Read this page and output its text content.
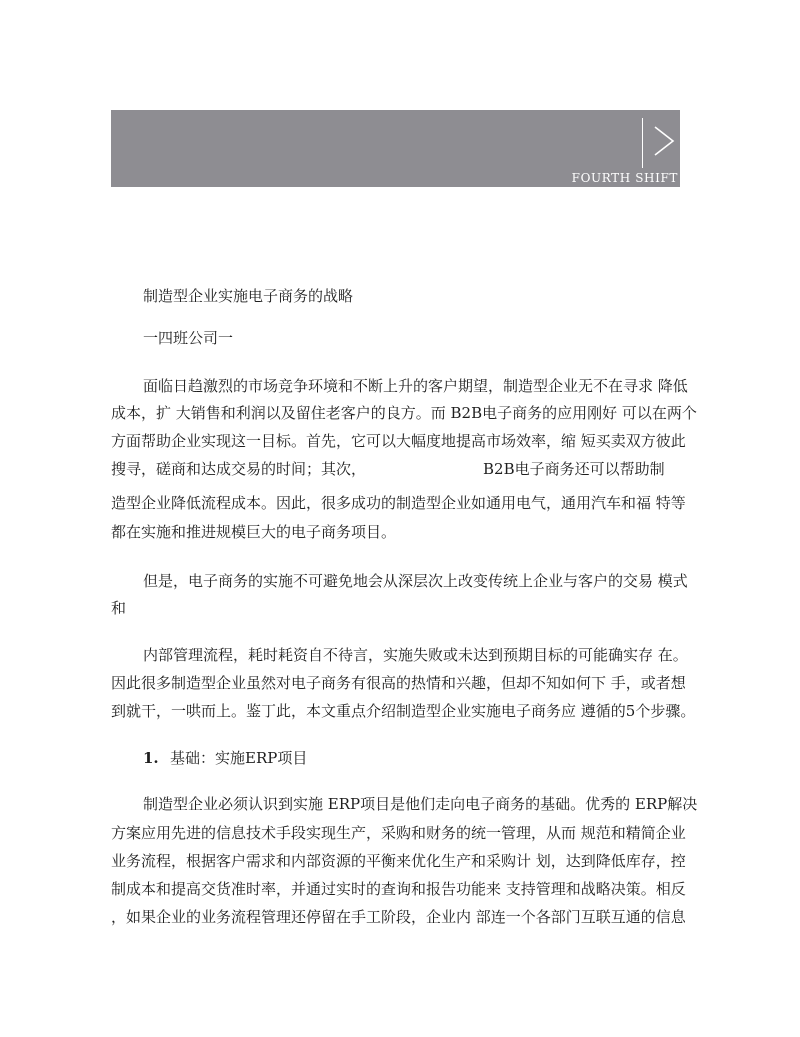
FOURTH SHIFT
制造型企业实施电子商务的战略
一四班公司一
面临日趋激烈的市场竞争环境和不断上升的客户期望，制造型企业无不在寻求 降低
成本，扩 大销售和利润以及留住老客户的良方。而 B2B电子商务的应用刚好 可以在两个
方面帮助企业实现这一目标。首先，它可以大幅度地提高市场效率，缩 短买卖双方彼此
搜寻，磋商和达成交易的时间；其次，	B2B电子商务还可以帮助制
造型企业降低流程成本。因此，很多成功的制造型企业如通用电气，通用汽车和福 特等
都在实施和推进规模巨大的电子商务项目。
但是，电子商务的实施不可避免地会从深层次上改变传统上企业与客户的交易 模式
和
内部管理流程，耗时耗资自不待言，实施失败或未达到预期目标的可能确实存 在。
因此很多制造型企业虽然对电子商务有很高的热情和兴趣，但却不知如何下 手，或者想
到就干，一哄而上。鉴丁此，本文重点介绍制造型企业实施电子商务应 遵循的5个步骤。
1. 基础：实施ERP项目
制造型企业必须认识到实施 ERP项目是他们走向电子商务的基础。优秀的 ERP解决
方案应用先进的信息技术手段实现生产，采购和财务的统一管理，从而 规范和精简企业
业务流程，根据客户需求和内部资源的平衡来优化生产和采购计 划，达到降低库存，控
制成本和提高交货准时率，并通过实时的查询和报告功能来 支持管理和战略决策。相反
，如果企业的业务流程管理还停留在手工阶段，企业内 部连一个各部门互联互通的信息
